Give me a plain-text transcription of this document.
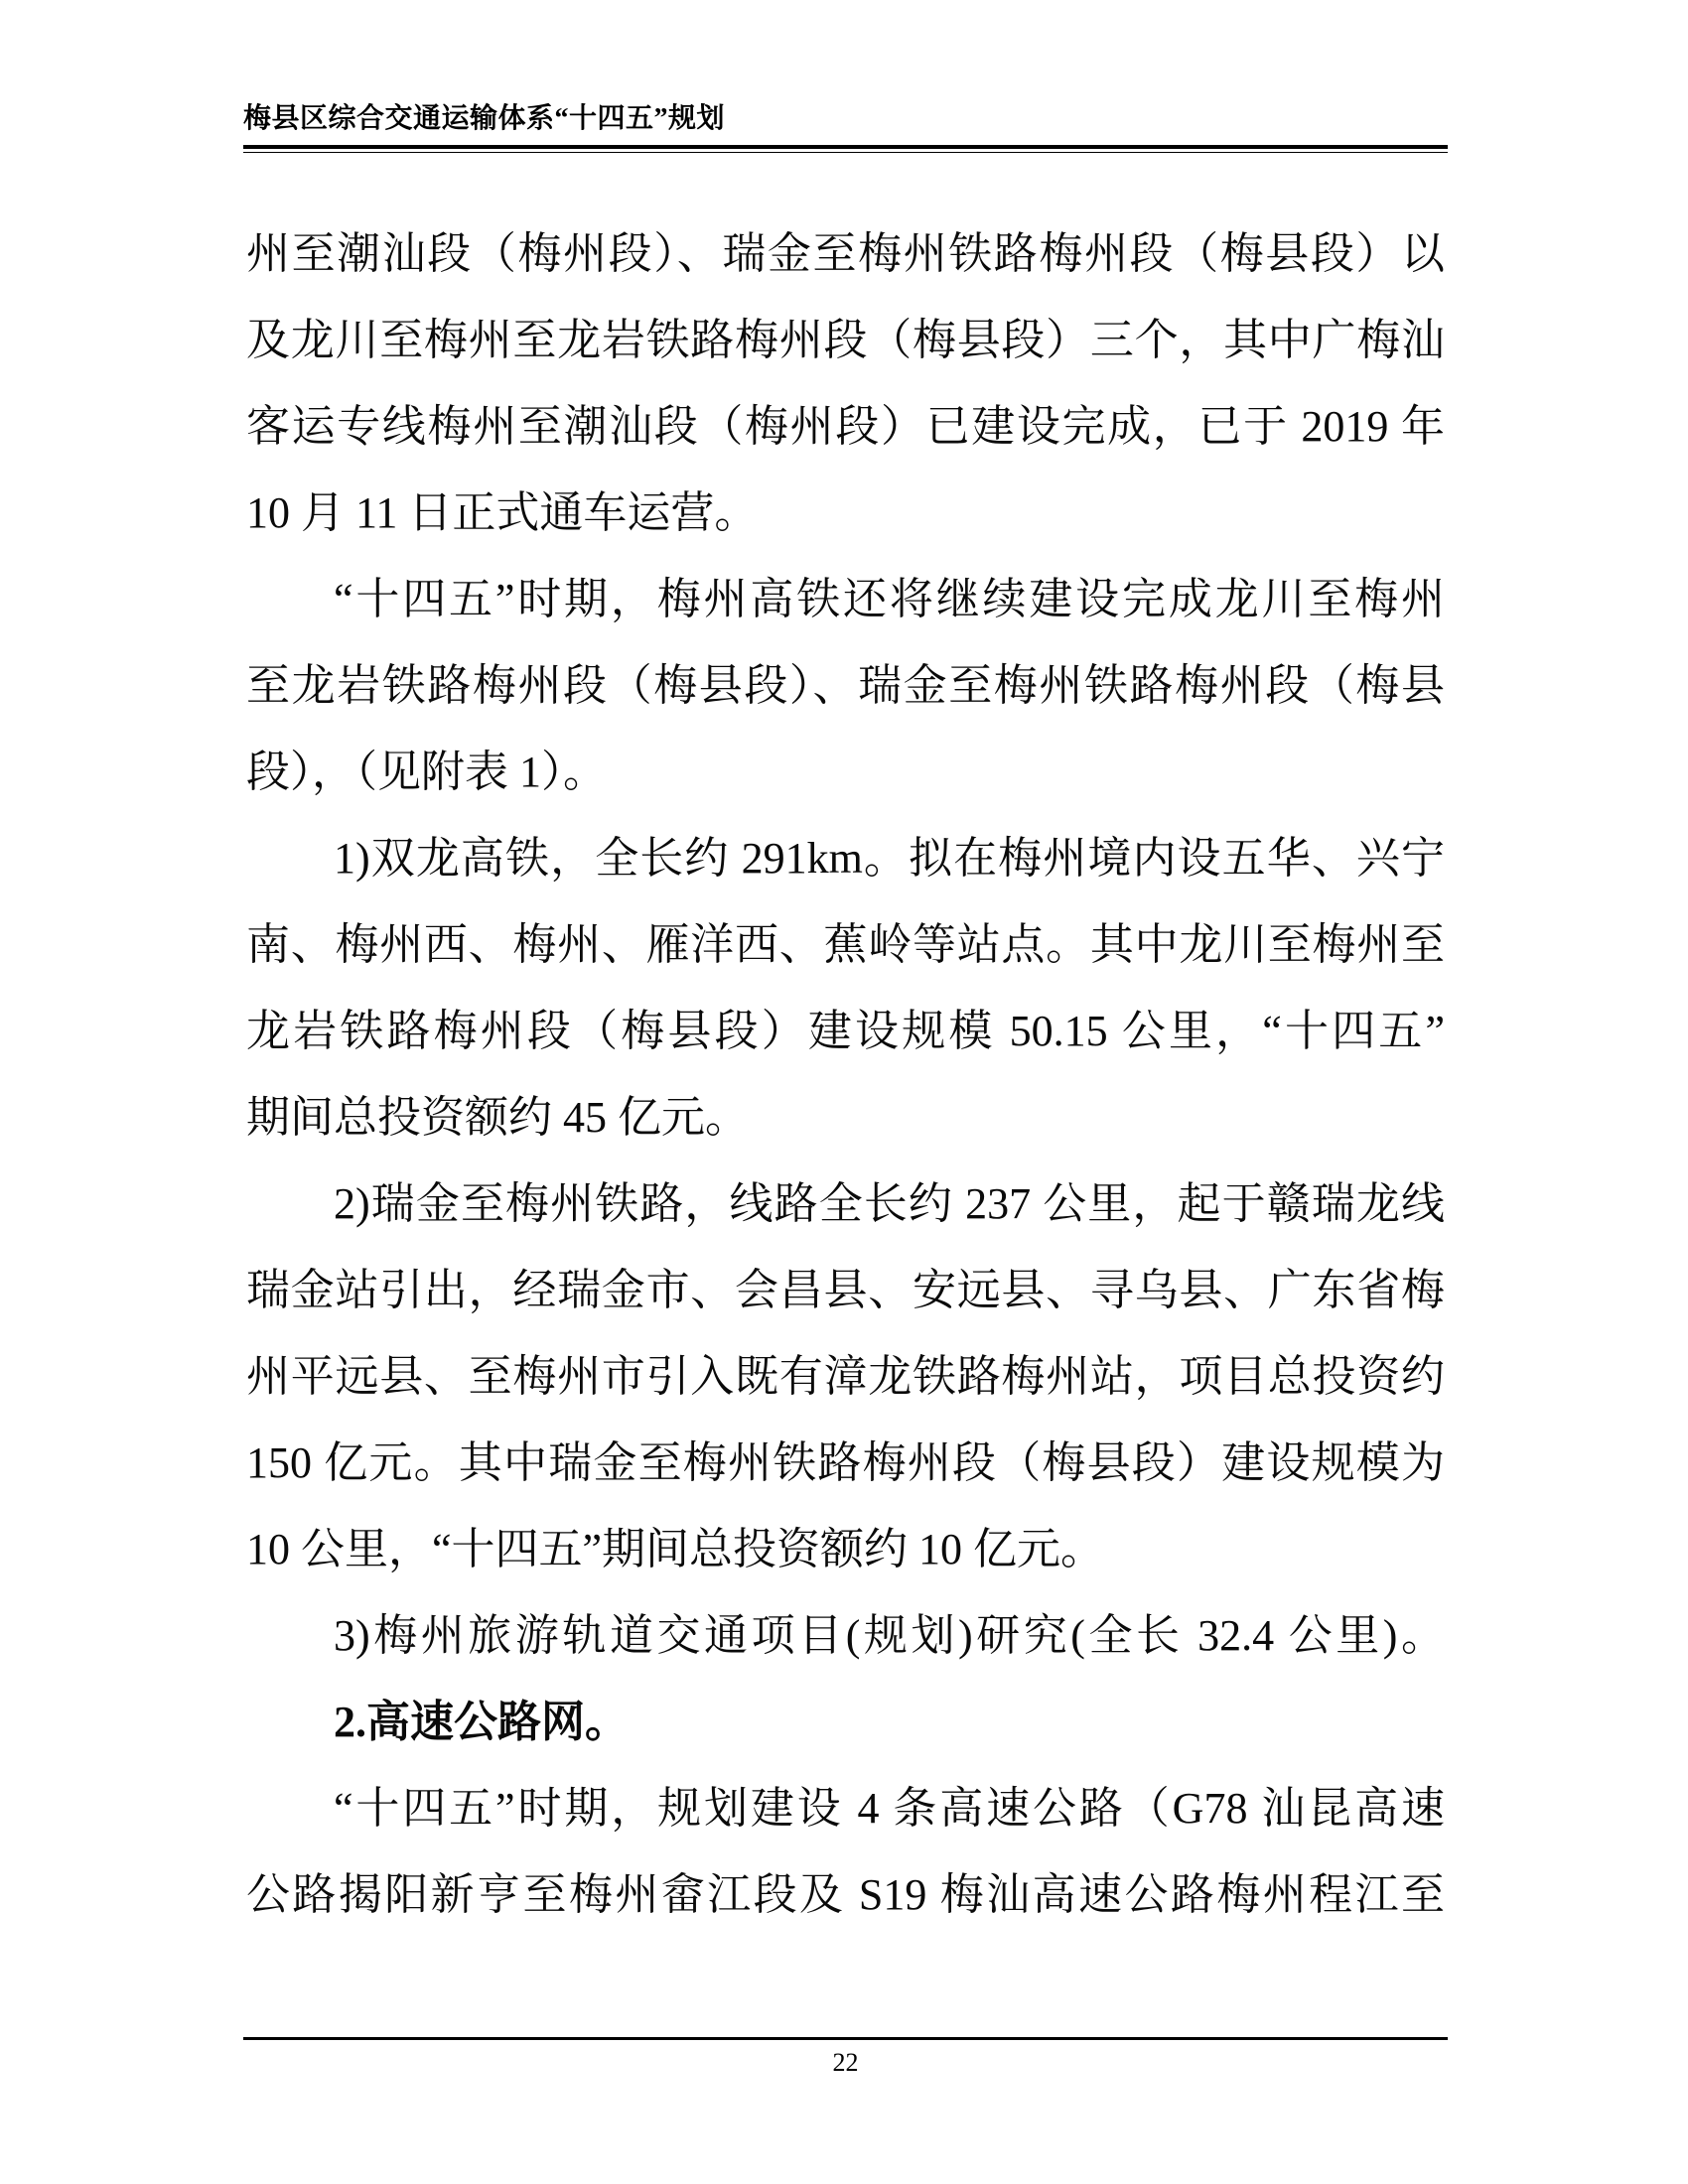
梅县区综合交通运输体系“十四五”规划
州至潮汕段（梅州段）、瑞金至梅州铁路梅州段（梅县段）以
及龙川至梅州至龙岩铁路梅州段（梅县段）三个，其中广梅汕
客运专线梅州至潮汕段（梅州段）已建设完成，已于 2019 年
10 月 11 日正式通车运营。
“十四五”时期，梅州高铁还将继续建设完成龙川至梅州
至龙岩铁路梅州段（梅县段）、瑞金至梅州铁路梅州段（梅县
段），（见附表 1）。
1)双龙高铁，全长约 291km。拟在梅州境内设五华、兴宁
南、梅州西、梅州、雁洋西、蕉岭等站点。其中龙川至梅州至
龙岩铁路梅州段（梅县段）建设规模 50.15 公里，“十四五”
期间总投资额约 45 亿元。
2)瑞金至梅州铁路，线路全长约 237 公里，起于赣瑞龙线
瑞金站引出，经瑞金市、会昌县、安远县、寻乌县、广东省梅
州平远县、至梅州市引入既有漳龙铁路梅州站，项目总投资约
150 亿元。其中瑞金至梅州铁路梅州段（梅县段）建设规模为
10 公里，“十四五”期间总投资额约 10 亿元。
3)梅州旅游轨道交通项目(规划)研究(全长 32.4 公里)。
2.高速公路网。
“十四五”时期，规划建设 4 条高速公路（G78 汕昆高速
公路揭阳新亨至梅州畲江段及 S19 梅汕高速公路梅州程江至
22
